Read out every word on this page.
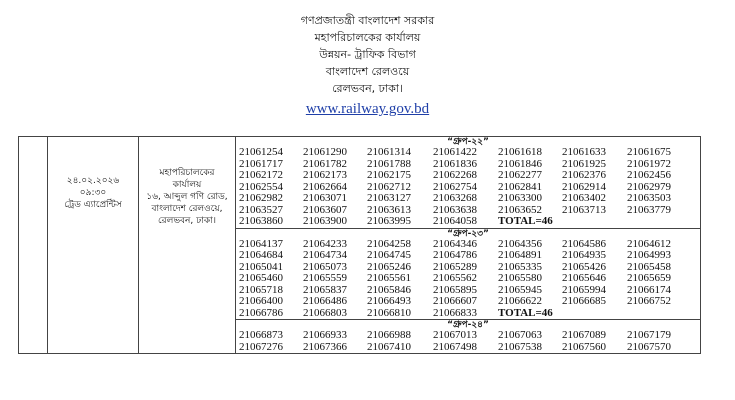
গণপ্রজাতন্ত্রী বাংলাদেশ সরকার
মহাপরিচালকের কার্যালয়
উন্নয়ন- ট্রাফিক বিভাগ
বাংলাদেশ রেলওয়ে
রেলভবন, ঢাকা।
www.railway.gov.bd

২৪.০২.২০২৬
০৯:৩০
ট্রেড এ্যাপ্রেন্টিস

মহাপরিচালকের
কার্যালয়
১৬, আব্দুল গণি রোড,
বাংলাদেশ রেলওয়ে,
রেলভবন, ঢাকা।

“গ্রুপ-২২”
21061254 21061290 21061314 21061422 21061618 21061633 21061675
21061717 21061782 21061788 21061836 21061846 21061925 21061972
21062172 21062173 21062175 21062268 21062277 21062376 21062456
21062554 21062664 21062712 21062754 21062841 21062914 21062979
21062982 21063071 21063127 21063268 21063300 21063402 21063503
21063527 21063607 21063613 21063638 21063652 21063713 21063779
21063860 21063900 21063995 21064058 TOTAL=46
“গ্রুপ-২৩”
21064137 21064233 21064258 21064346 21064356 21064586 21064612
21064684 21064734 21064745 21064786 21064891 21064935 21064993
21065041 21065073 21065246 21065289 21065335 21065426 21065458
21065460 21065559 21065561 21065562 21065580 21065646 21065659
21065718 21065837 21065846 21065895 21065945 21065994 21066174
21066400 21066486 21066493 21066607 21066622 21066685 21066752
21066786 21066803 21066810 21066833 TOTAL=46
“গ্রুপ-২৪”
21066873 21066933 21066988 21067013 21067063 21067089 21067179
21067276 21067366 21067410 21067498 21067538 21067560 21067570
